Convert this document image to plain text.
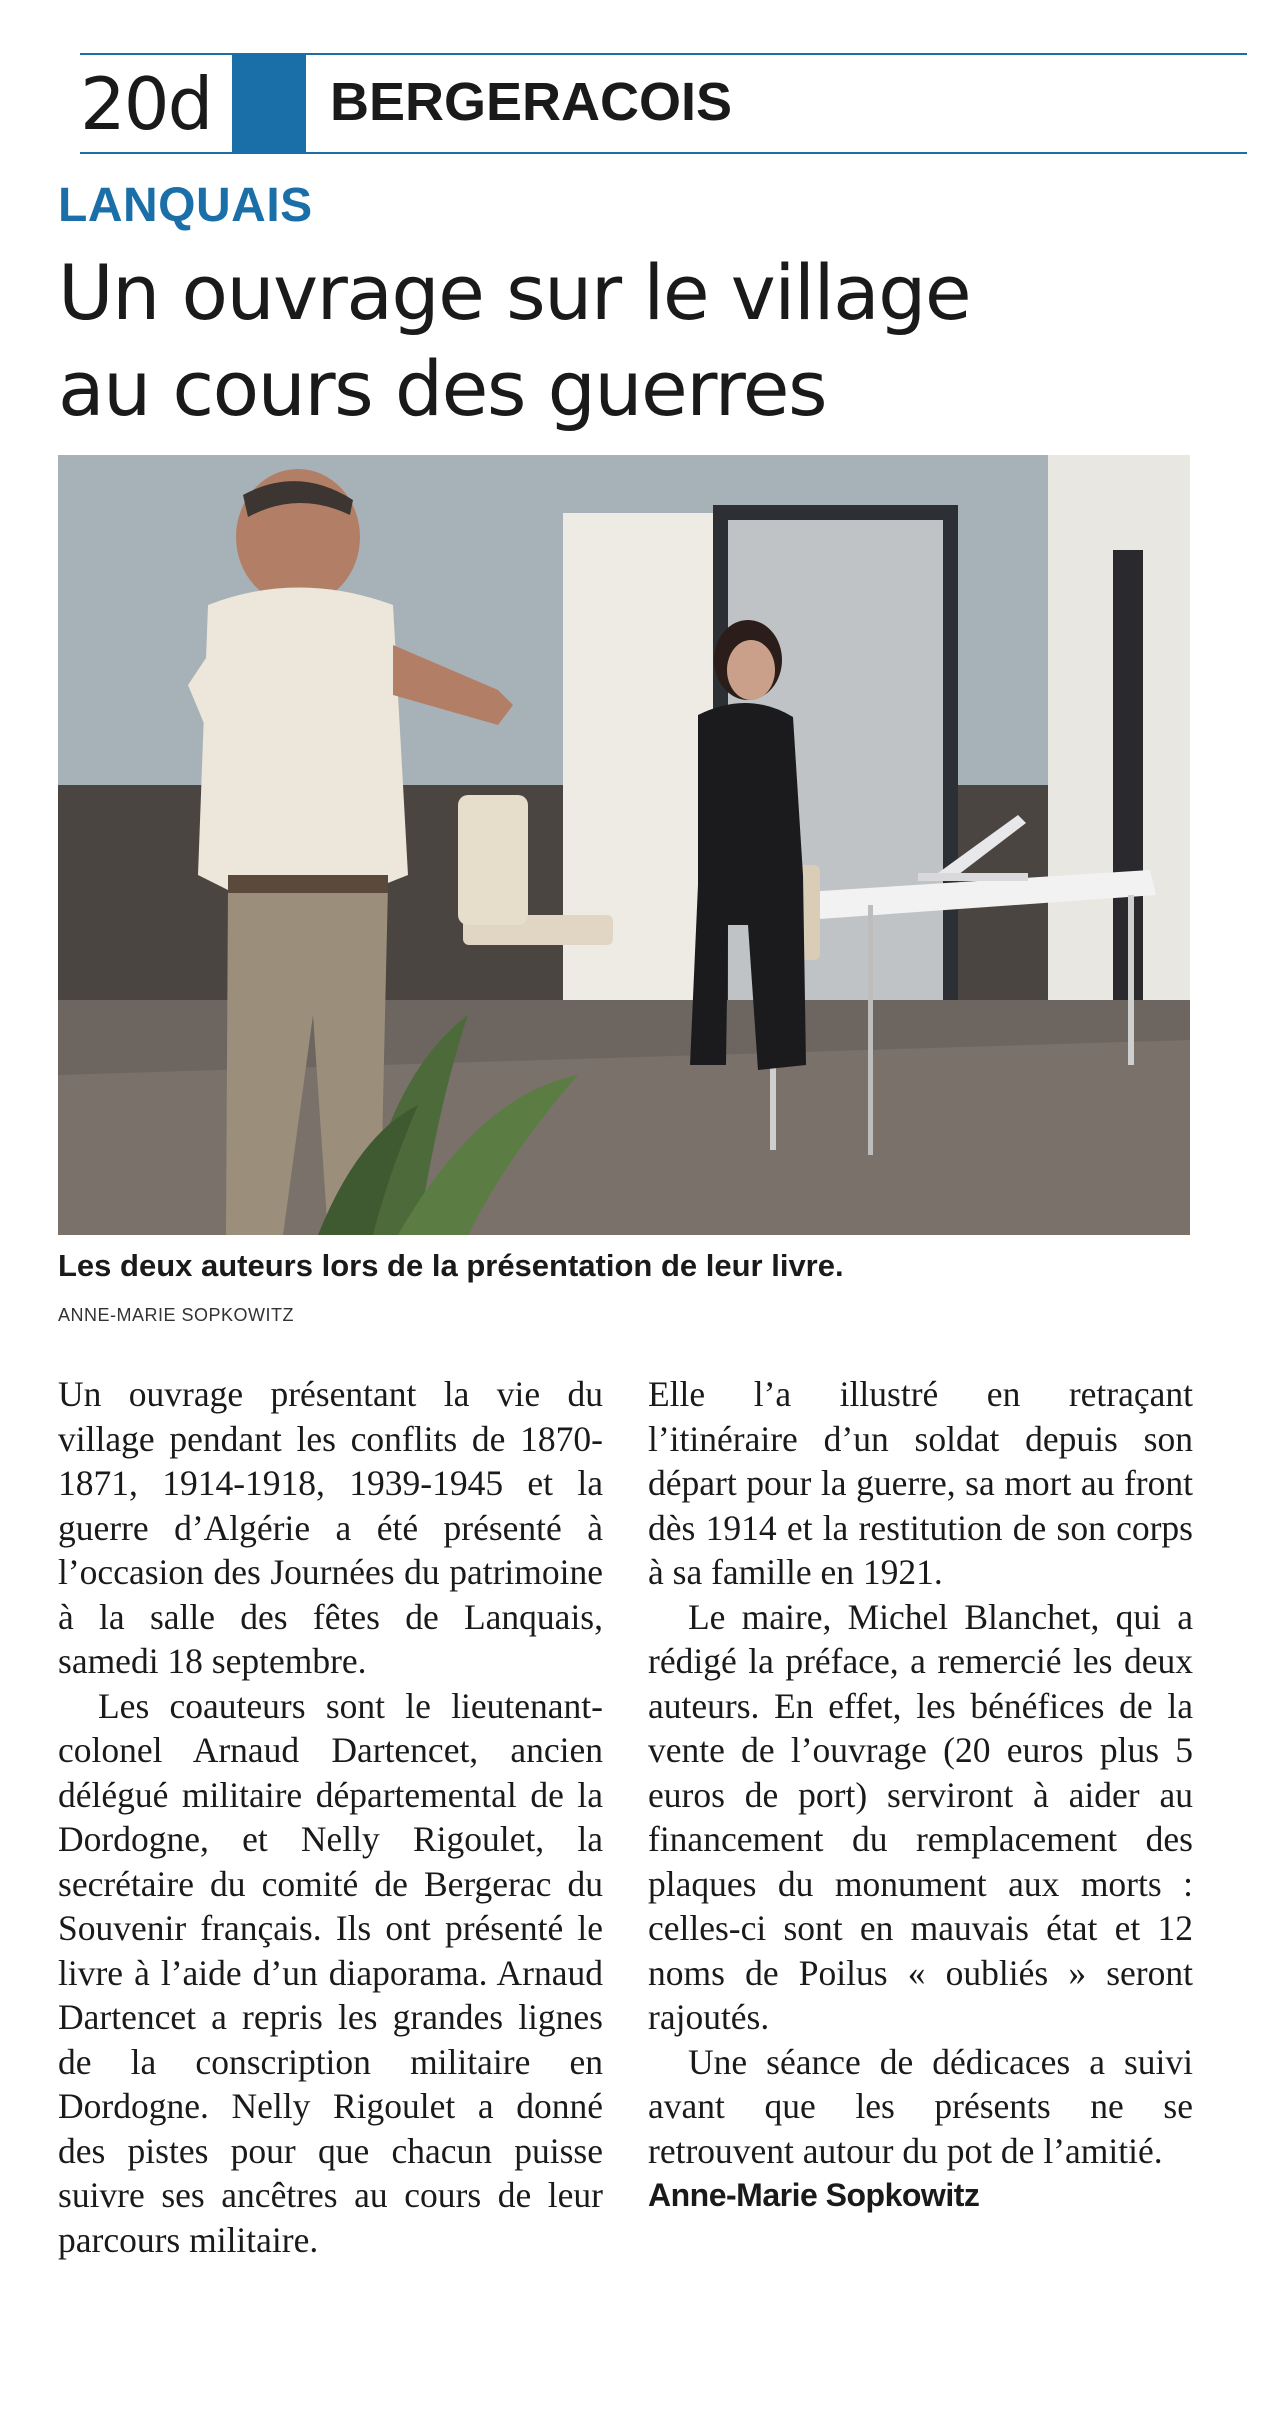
20d BERGERACOIS
LANQUAIS
Un ouvrage sur le village
au cours des guerres
Les deux auteurs lors de la présentation de leur livre.
ANNE-MARIE SOPKOWITZ

Un ouvrage présentant la vie du village pendant les conflits de 1870-1871, 1914-1918, 1939-1945 et la guerre d’Algérie a été présenté à l’occasion des Journées du patrimoine à la salle des fêtes de Lanquais, samedi 18 septembre.

Les coauteurs sont le lieutenant-colonel Arnaud Dartencet, ancien délégué militaire départemental de la Dordogne, et Nelly Rigoulet, la secrétaire du comité de Bergerac du Souvenir français. Ils ont présenté le livre à l’aide d’un diaporama. Arnaud Dartencet a repris les grandes lignes de la conscription militaire en Dordogne. Nelly Rigoulet a donné des pistes pour que chacun puisse suivre ses ancêtres au cours de leur parcours militaire.

Elle l’a illustré en retraçant l’itinéraire d’un soldat depuis son départ pour la guerre, sa mort au front dès 1914 et la restitution de son corps à sa famille en 1921.

Le maire, Michel Blanchet, qui a rédigé la préface, a remercié les deux auteurs. En effet, les bénéfices de la vente de l’ouvrage (20 euros plus 5 euros de port) serviront à aider au financement du remplacement des plaques du monument aux morts : celles-ci sont en mauvais état et 12 noms de Poilus « oubliés » seront rajoutés.

Une séance de dédicaces a suivi avant que les présents ne se retrouvent autour du pot de l’amitié.

Anne-Marie Sopkowitz
